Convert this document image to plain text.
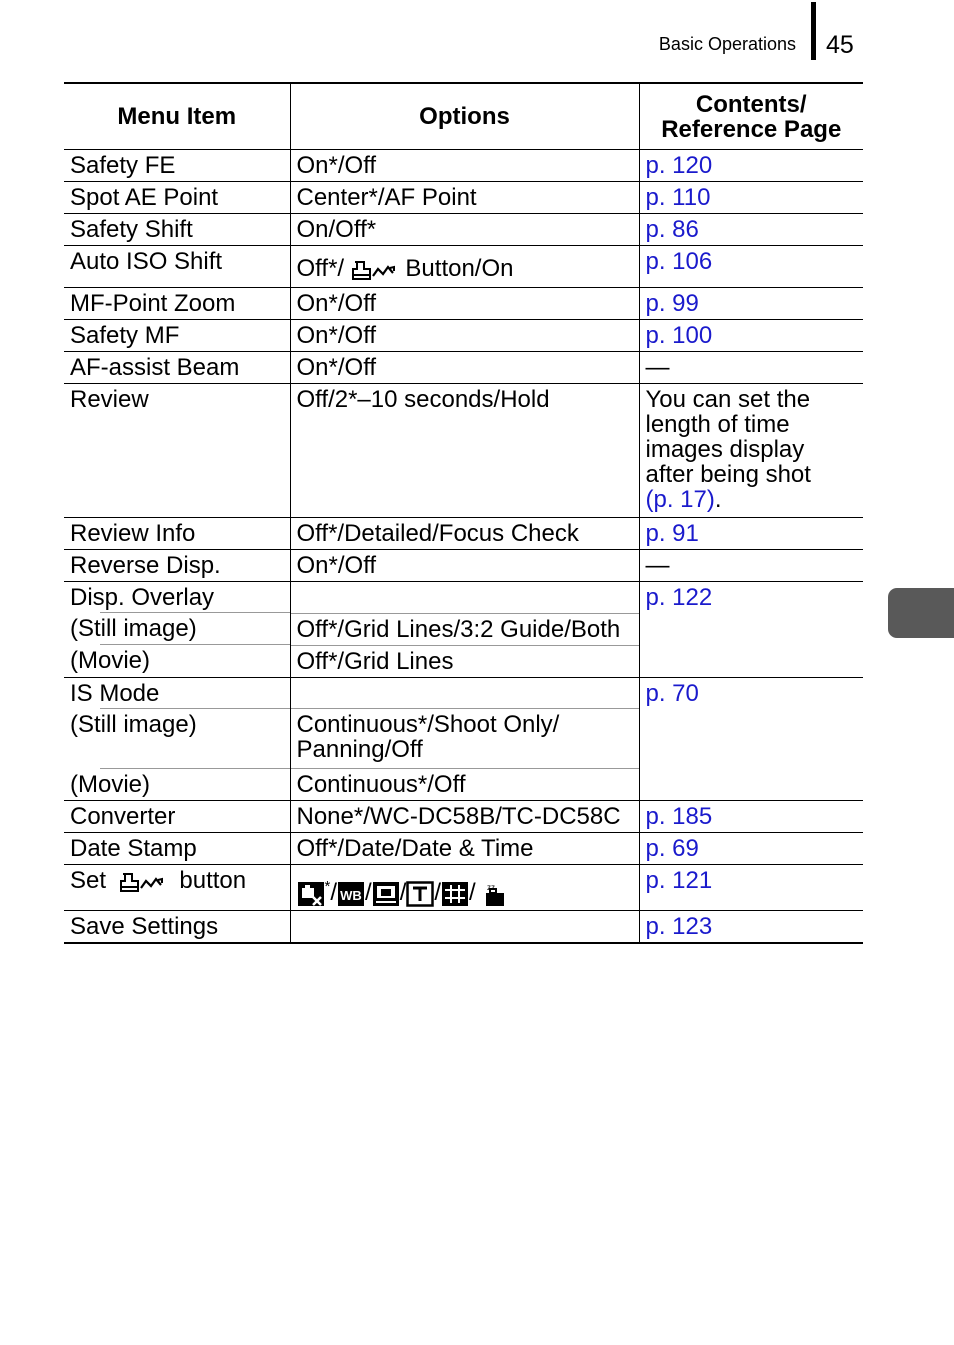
Basic Operations 45
Menu Item	Options	Contents/ Reference Page
Safety FE	On*/Off	p. 120
Spot AE Point	Center*/AF Point	p. 110
Safety Shift	On/Off*	p. 86
Auto ISO Shift	Off*/ Button/On	p. 106
MF-Point Zoom	On*/Off	p. 99
Safety MF	On*/Off	p. 100
AF-assist Beam	On*/Off	—
Review	Off/2*–10 seconds/Hold	You can set the length of time images display after being shot
(p. 17).
Review Info	Off*/Detailed/Focus Check	p. 91
Reverse Disp.	On*/Off	—
Disp. Overlay		p. 122
(Still image)	Off*/Grid Lines/3:2 Guide/Both	
(Movie)	Off*/Grid Lines	
IS Mode		p. 70
(Still image)	Continuous*/Shoot Only/ Panning/Off	
(Movie)	Continuous*/Off	
Converter	None*/WC-DC58B/TC-DC58C	p. 185
Date Stamp	Off*/Date/Date & Time	p. 69
Set button	*/ WB / / / / zz	p. 121
Save Settings		p. 123
